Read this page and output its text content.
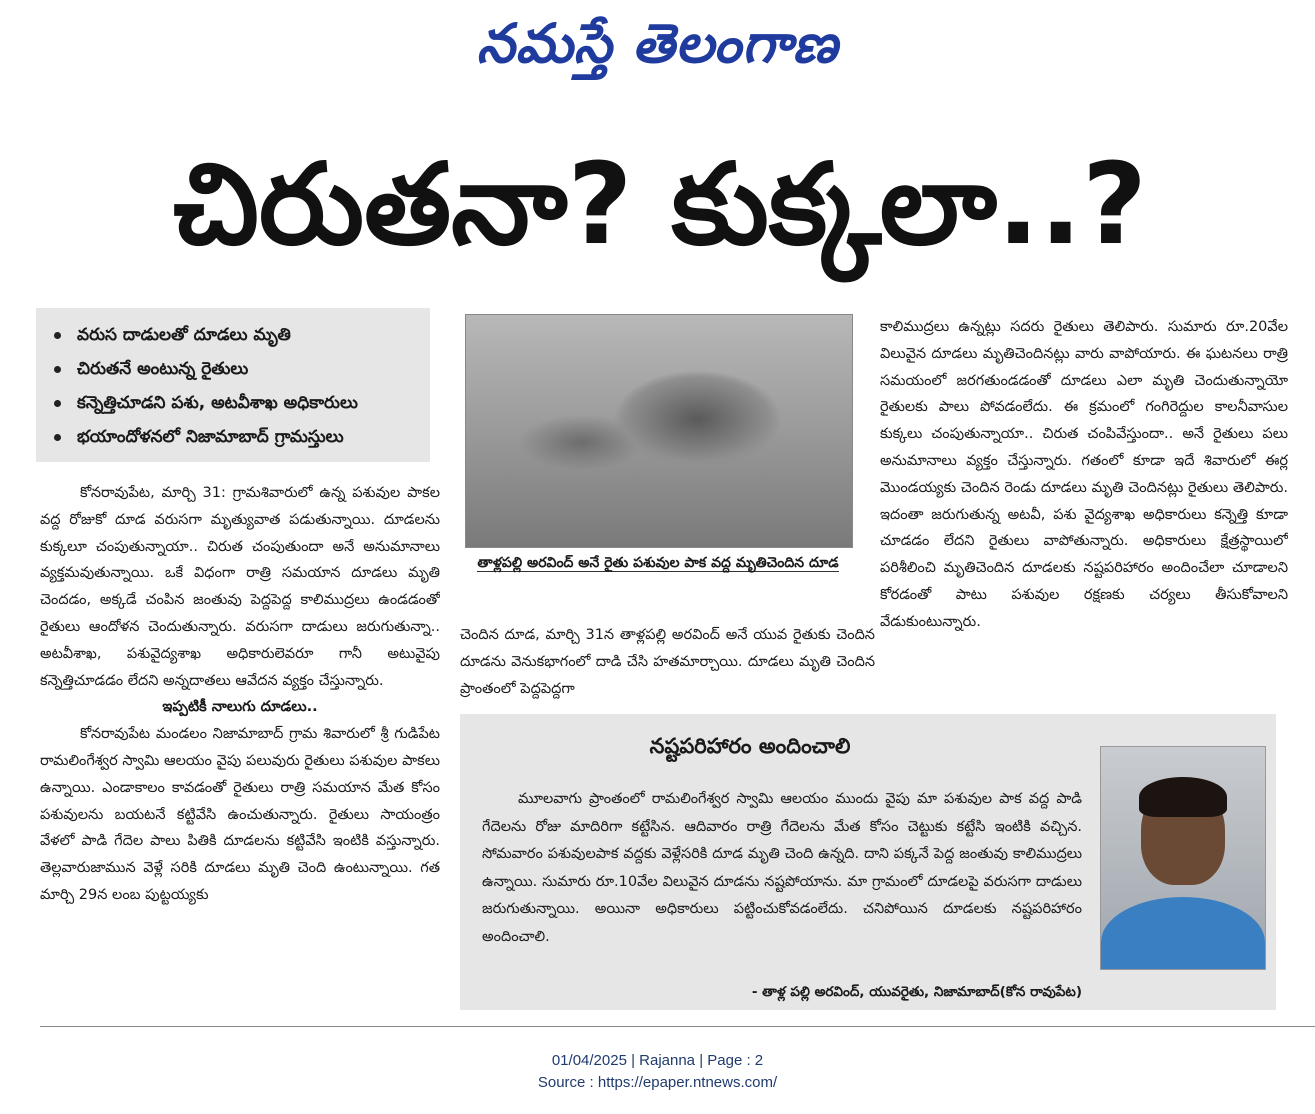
నమస్తే తెలంగాణ
చిరుతనా? కుక్కలా..?
వరుస దాడులతో దూడలు మృతి
చిరుతనే అంటున్న రైతులు
కన్నెత్తిచూడని పశు, అటవీశాఖ అధికారులు
భయాందోళనలో నిజామాబాద్ గ్రామస్తులు

కోనరావుపేట, మార్చి 31: గ్రామశివారులో ఉన్న పశువుల పాకల వద్ద రోజుకో దూడ వరుసగా మృత్యువాత పడుతున్నాయి. దూడలను కుక్కలూ చంపుతున్నాయా.. చిరుత చంపుతుందా అనే అనుమానాలు వ్యక్తమవుతున్నాయి. ఒకే విధంగా రాత్రి సమయాన దూడలు మృతి చెందడం, అక్కడే చంపిన జంతువు పెద్దపెద్ద కాలిముద్రలు ఉండడంతో రైతులు ఆందోళన చెందుతున్నారు. వరుసగా దాడులు జరుగుతున్నా.. అటవీశాఖ, పశువైద్యశాఖ అధికారులెవరూ గానీ అటువైపు కన్నెత్తిచూడడం లేదని అన్నదాతలు ఆవేదన వ్యక్తం చేస్తున్నారు.

ఇప్పటికీ నాలుగు దూడలు..

కోనరావుపేట మండలం నిజామాబాద్ గ్రామ శివారులో శ్రీ గుడిపేట రామలింగేశ్వర స్వామి ఆలయం వైపు పలువురు రైతులు పశువుల పాకలు ఉన్నాయి. ఎండాకాలం కావడంతో రైతులు రాత్రి సమయాన మేత కోసం పశువులను బయటనే కట్టివేసి ఉంచుతున్నారు. రైతులు సాయంత్రం వేళలో పాడి గేదెల పాలు పితికి దూడలను కట్టివేసి ఇంటికి వస్తున్నారు. తెల్లవారుజామున వెళ్లే సరికి దూడలు మృతి చెంది ఉంటున్నాయి. గత మార్చి 29న లంబ పుట్టయ్యకు

తాళ్లపల్లి అరవింద్ అనే రైతు పశువుల పాక వద్ద మృతిచెందిన దూడ

చెందిన దూడ, మార్చి 31న తాళ్లపల్లి అరవింద్ అనే యువ రైతుకు చెందిన దూడను వెనుకభాగంలో దాడి చేసి హతమార్చాయి. దూడలు మృతి చెందిన ప్రాంతంలో పెద్దపెద్దగా

కాలిముద్రలు ఉన్నట్లు సదరు రైతులు తెలిపారు. సుమారు రూ.20వేల విలువైన దూడలు మృతిచెందినట్లు వారు వాపోయారు. ఈ ఘటనలు రాత్రి సమయంలో జరగతుండడంతో దూడలు ఎలా మృతి చెందుతున్నాయో రైతులకు పాలు పోవడంలేదు. ఈ క్రమంలో గంగిరెద్దుల కాలనీవాసుల కుక్కలు చంపుతున్నాయా.. చిరుత చంపివేస్తుందా.. అనే రైతులు పలు అనుమానాలు వ్యక్తం చేస్తున్నారు. గతంలో కూడా ఇదే శివారులో ఈర్ల మొండయ్యకు చెందిన రెండు దూడలు మృతి చెందినట్లు రైతులు తెలిపారు. ఇదంతా జరుగుతున్న అటవీ, పశు వైద్యశాఖ అధికారులు కన్నెత్తి కూడా చూడడం లేదని రైతులు వాపోతున్నారు. అధికారులు క్షేత్రస్థాయిలో పరిశీలించి మృతిచెందిన దూడలకు నష్టపరిహారం అందించేలా చూడాలని కోరడంతో పాటు పశువుల రక్షణకు చర్యలు తీసుకోవాలని వేడుకుంటున్నారు.

నష్టపరిహారం అందించాలి

మూలవాగు ప్రాంతంలో రామలింగేశ్వర స్వామి ఆలయం ముందు వైపు మా పశువుల పాక వద్ద పాడి గేదెలను రోజు మాదిరిగా కట్టేసిన. ఆదివారం రాత్రి గేదెలను మేత కోసం చెట్టుకు కట్టేసి ఇంటికి వచ్చిన. సోమవారం పశువులపాక వద్దకు వెళ్లేసరికి దూడ మృతి చెంది ఉన్నది. దాని పక్కనే పెద్ద జంతువు కాలిముద్రలు ఉన్నాయి. సుమారు రూ.10వేల విలువైన దూడను నష్టపోయాను. మా గ్రామంలో దూడలపై వరుసగా దాడులు జరుగుతున్నాయి. అయినా అధికారులు పట్టించుకోవడంలేదు. చనిపోయిన దూడలకు నష్టపరిహారం అందించాలి.

- తాళ్ల పల్లి అరవింద్, యువరైతు, నిజామాబాద్(కోన రావుపేట)
01/04/2025 | Rajanna | Page : 2
Source : https://epaper.ntnews.com/
